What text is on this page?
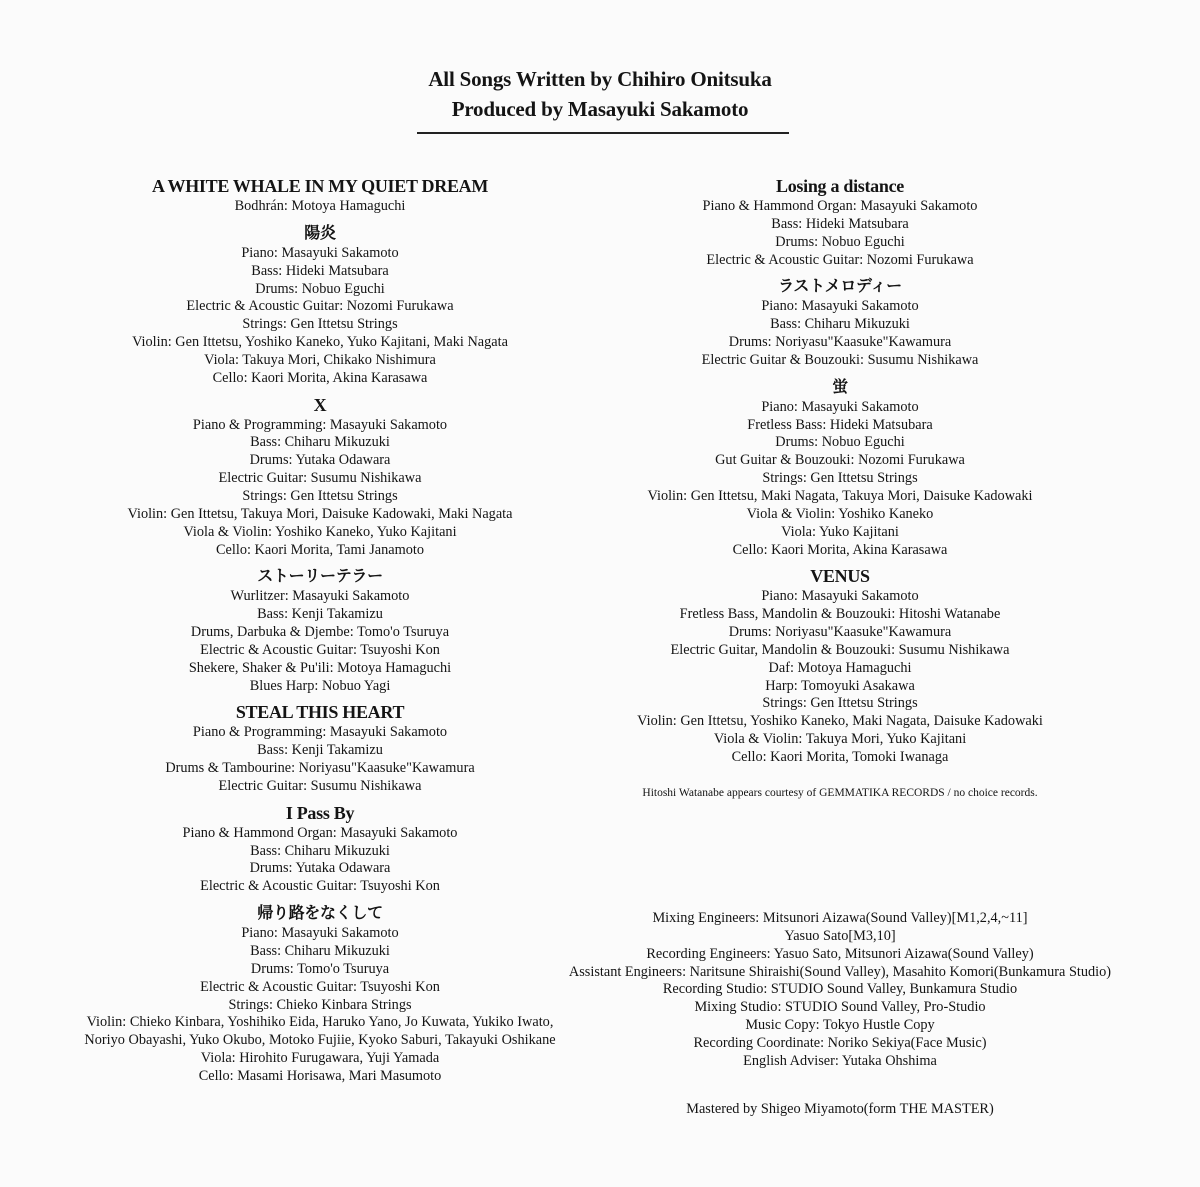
All Songs Written by Chihiro Onitsuka
Produced by Masayuki Sakamoto
A WHITE WHALE IN MY QUIET DREAM
Bodhrán: Motoya Hamaguchi
陽炎
Piano: Masayuki Sakamoto
Bass: Hideki Matsubara
Drums: Nobuo Eguchi
Electric & Acoustic Guitar: Nozomi Furukawa
Strings: Gen Ittetsu Strings
Violin: Gen Ittetsu, Yoshiko Kaneko, Yuko Kajitani, Maki Nagata
Viola: Takuya Mori, Chikako Nishimura
Cello: Kaori Morita, Akina Karasawa
X
Piano & Programming: Masayuki Sakamoto
Bass: Chiharu Mikuzuki
Drums: Yutaka Odawara
Electric Guitar: Susumu Nishikawa
Strings: Gen Ittetsu Strings
Violin: Gen Ittetsu, Takuya Mori, Daisuke Kadowaki, Maki Nagata
Viola & Violin: Yoshiko Kaneko, Yuko Kajitani
Cello: Kaori Morita, Tami Janamoto
ストーリーテラー
Wurlitzer: Masayuki Sakamoto
Bass: Kenji Takamizu
Drums, Darbuka & Djembe: Tomo'o Tsuruya
Electric & Acoustic Guitar: Tsuyoshi Kon
Shekere, Shaker & Pu'ili: Motoya Hamaguchi
Blues Harp: Nobuo Yagi
STEAL THIS HEART
Piano & Programming: Masayuki Sakamoto
Bass: Kenji Takamizu
Drums & Tambourine: Noriyasu"Kaasuke"Kawamura
Electric Guitar: Susumu Nishikawa
I Pass By
Piano & Hammond Organ: Masayuki Sakamoto
Bass: Chiharu Mikuzuki
Drums: Yutaka Odawara
Electric & Acoustic Guitar: Tsuyoshi Kon
帰り路をなくして
Piano: Masayuki Sakamoto
Bass: Chiharu Mikuzuki
Drums: Tomo'o Tsuruya
Electric & Acoustic Guitar: Tsuyoshi Kon
Strings: Chieko Kinbara Strings
Violin: Chieko Kinbara, Yoshihiko Eida, Haruko Yano, Jo Kuwata, Yukiko Iwato,
Noriyo Obayashi, Yuko Okubo, Motoko Fujiie, Kyoko Saburi, Takayuki Oshikane
Viola: Hirohito Furugawara, Yuji Yamada
Cello: Masami Horisawa, Mari Masumoto
Losing a distance
Piano & Hammond Organ: Masayuki Sakamoto
Bass: Hideki Matsubara
Drums: Nobuo Eguchi
Electric & Acoustic Guitar: Nozomi Furukawa
ラストメロディー
Piano: Masayuki Sakamoto
Bass: Chiharu Mikuzuki
Drums: Noriyasu"Kaasuke"Kawamura
Electric Guitar & Bouzouki: Susumu Nishikawa
蛍
Piano: Masayuki Sakamoto
Fretless Bass: Hideki Matsubara
Drums: Nobuo Eguchi
Gut Guitar & Bouzouki: Nozomi Furukawa
Strings: Gen Ittetsu Strings
Violin: Gen Ittetsu, Maki Nagata, Takuya Mori, Daisuke Kadowaki
Viola & Violin: Yoshiko Kaneko
Viola: Yuko Kajitani
Cello: Kaori Morita, Akina Karasawa
VENUS
Piano: Masayuki Sakamoto
Fretless Bass, Mandolin & Bouzouki: Hitoshi Watanabe
Drums: Noriyasu"Kaasuke"Kawamura
Electric Guitar, Mandolin & Bouzouki: Susumu Nishikawa
Daf: Motoya Hamaguchi
Harp: Tomoyuki Asakawa
Strings: Gen Ittetsu Strings
Violin: Gen Ittetsu, Yoshiko Kaneko, Maki Nagata, Daisuke Kadowaki
Viola & Violin: Takuya Mori, Yuko Kajitani
Cello: Kaori Morita, Tomoki Iwanaga
Hitoshi Watanabe appears courtesy of GEMMATIKA RECORDS / no choice records.
Mixing Engineers: Mitsunori Aizawa(Sound Valley)[M1,2,4,~11]
Yasuo Sato[M3,10]
Recording Engineers: Yasuo Sato, Mitsunori Aizawa(Sound Valley)
Assistant Engineers: Naritsune Shiraishi(Sound Valley), Masahito Komori(Bunkamura Studio)
Recording Studio: STUDIO Sound Valley, Bunkamura Studio
Mixing Studio: STUDIO Sound Valley, Pro-Studio
Music Copy: Tokyo Hustle Copy
Recording Coordinate: Noriko Sekiya(Face Music)
English Adviser: Yutaka Ohshima
Mastered by Shigeo Miyamoto(form THE MASTER)
